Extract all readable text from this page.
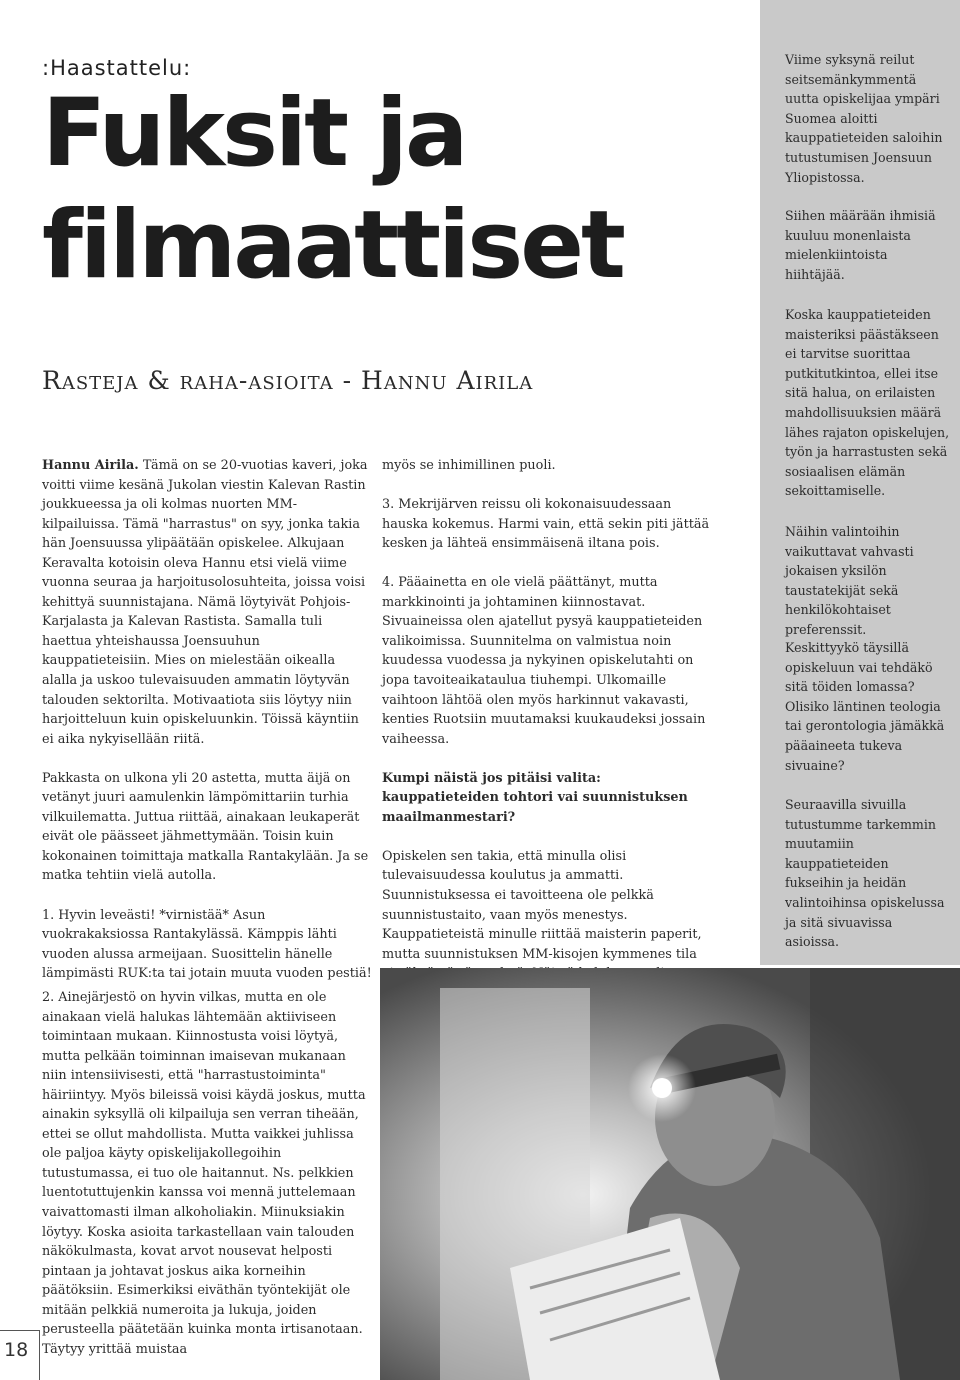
Viime syksynä reilut seitsemänkymmentä uutta opiskelijaa ympäri Suomea aloitti kauppatieteiden saloihin tutustumisen Joensuun Yliopistossa.

Siihen määrään ihmisiä kuuluu monenlaista mielenkiintoista hiihtäjää.

Koska kauppatieteiden maisteriksi päästäkseen ei tarvitse suorittaa putkitutkintoa, ellei itse sitä halua, on erilaisten mahdollisuuksien määrä lähes rajaton opiskelujen, työn ja harrastusten sekä sosiaalisen elämän sekoittamiselle.

Näihin valintoihin vaikuttavat vahvasti jokaisen yksilön taustatekijät sekä henkilökohtaiset preferenssit.

Keskittyykö täysillä opiskeluun vai tehdäkö sitä töiden lomassa? Olisiko läntinen teologia tai gerontologia jämäkkä pääaineeta tukeva sivuaine?

Seuraavilla sivuilla tutustumme tarkemmin muutamiin kauppatieteiden fukseihin ja heidän valintoihinsa opiskelussa ja sitä sivuavissa asioissa.

:Haastattelu:
Fuksit ja
filmaattiset
Rasteja & raha-asioita - Hannu Airila

Hannu Airila. Tämä on se 20-vuotias kaveri, joka voitti viime kesänä Jukolan viestin Kalevan Rastin joukkueessa ja oli kolmas nuorten MM-kilpailuissa. Tämä "harrastus" on syy, jonka takia hän Joensuussa ylipäätään opiskelee. Alkujaan Keravalta kotoisin oleva Hannu etsi vielä viime vuonna seuraa ja harjoitusolosuhteita, joissa voisi kehittyä suunnistajana. Nämä löytyivät Pohjois-Karjalasta ja Kalevan Rastista. Samalla tuli haettua yhteishaussa Joensuuhun kauppatieteisiin. Mies on mielestään oikealla alalla ja uskoo tulevaisuuden ammatin löytyvän talouden sektorilta. Motivaatiota siis löytyy niin harjoitteluun kuin opiskeluunkin. Töissä käyntiin ei aika nykyisellään riitä.

Pakkasta on ulkona yli 20 astetta, mutta äijä on vetänyt juuri aamulenkin lämpömittariin turhia vilkuilematta. Juttua riittää, ainakaan leukaperät eivät ole päässeet jähmettymään. Toisin kuin kokonainen toimittaja matkalla Rantakylään. Ja se matka tehtiin vielä autolla.

1. Hyvin leveästi! *virnistää* Asun vuokrakaksiossa Rantakylässä. Kämppis lähti vuoden alussa armeijaan. Suosittelin hänelle lämpimästi RUK:ta tai jotain muuta vuoden pestiä!

2. Ainejärjestö on hyvin vilkas, mutta en ole ainakaan vielä halukas lähtemään aktiiviseen toimintaan mukaan. Kiinnostusta voisi löytyä, mutta pelkään toiminnan imaisevan mukanaan niin intensiivisesti, että "harrastustoiminta" häiriintyy. Myös bileissä voisi käydä joskus, mutta ainakin syksyllä oli kilpailuja sen verran tiheään, ettei se ollut mahdollista. Mutta vaikkei juhlissa ole paljoa käyty opiskelijakollegoihin tutustumassa, ei tuo ole haitannut. Ns. pelkkien luentotuttujenkin kanssa voi mennä juttelemaan vaivattomasti ilman alkoholiakin. Miinuksiakin löytyy. Koska asioita tarkastellaan vain talouden näkökulmasta, kovat arvot nousevat helposti pintaan ja johtavat joskus aika korneihin päätöksiin. Esimerkiksi eiväthän työntekijät ole mitään pelkkiä numeroita ja lukuja, joiden perusteella päätetään kuinka monta irtisanotaan. Täytyy yrittää muistaa

myös se inhimillinen puoli.

3. Mekrijärven reissu oli kokonaisuudessaan hauska kokemus. Harmi vain, että sekin piti jättää kesken ja lähteä ensimmäisenä iltana pois.

4. Pääainetta en ole vielä päättänyt, mutta markkinointi ja johtaminen kiinnostavat. Sivuaineissa olen ajatellut pysyä kauppatieteiden valikoimissa. Suunnitelma on valmistua noin kuudessa vuodessa ja nykyinen opiskelutahti on jopa tavoiteaikataulua tiuhempi. Ulkomaille vaihtoon lähtöä olen myös harkinnut vakavasti, kenties Ruotsiin muutamaksi kuukaudeksi jossain vaiheessa.

Kumpi näistä jos pitäisi valita: kauppatieteiden tohtori vai suunnistuksen maailmanmestari?

Opiskelen sen takia, että minulla olisi tulevaisuudessa koulutus ja ammatti. Suunnistuksessa ei tavoitteena ole pelkkä suunnistustaito, vaan myös menestys. Kauppatieteistä minulle riittää maisterin paperit, mutta suunnistuksen MM-kisojen kymmenes tila

18
